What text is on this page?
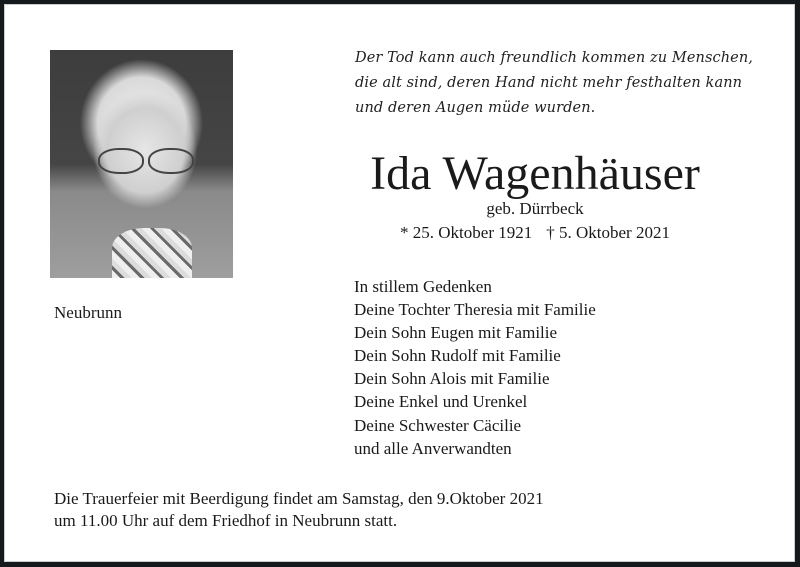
Neubrunn
Der Tod kann auch freundlich kommen zu Menschen,
die alt sind, deren Hand nicht mehr festhalten kann
und deren Augen müde wurden.
Ida Wagenhäuser
geb. Dürrbeck
* 25. Oktober 1921 † 5. Oktober 2021
In stillem Gedenken
Deine Tochter Theresia mit Familie
Dein Sohn Eugen mit Familie
Dein Sohn Rudolf mit Familie
Dein Sohn Alois mit Familie
Deine Enkel und Urenkel
Deine Schwester Cäcilie
und alle Anverwandten
Die Trauerfeier mit Beerdigung findet am Samstag, den 9.Oktober 2021
um 11.00 Uhr auf dem Friedhof in Neubrunn statt.
